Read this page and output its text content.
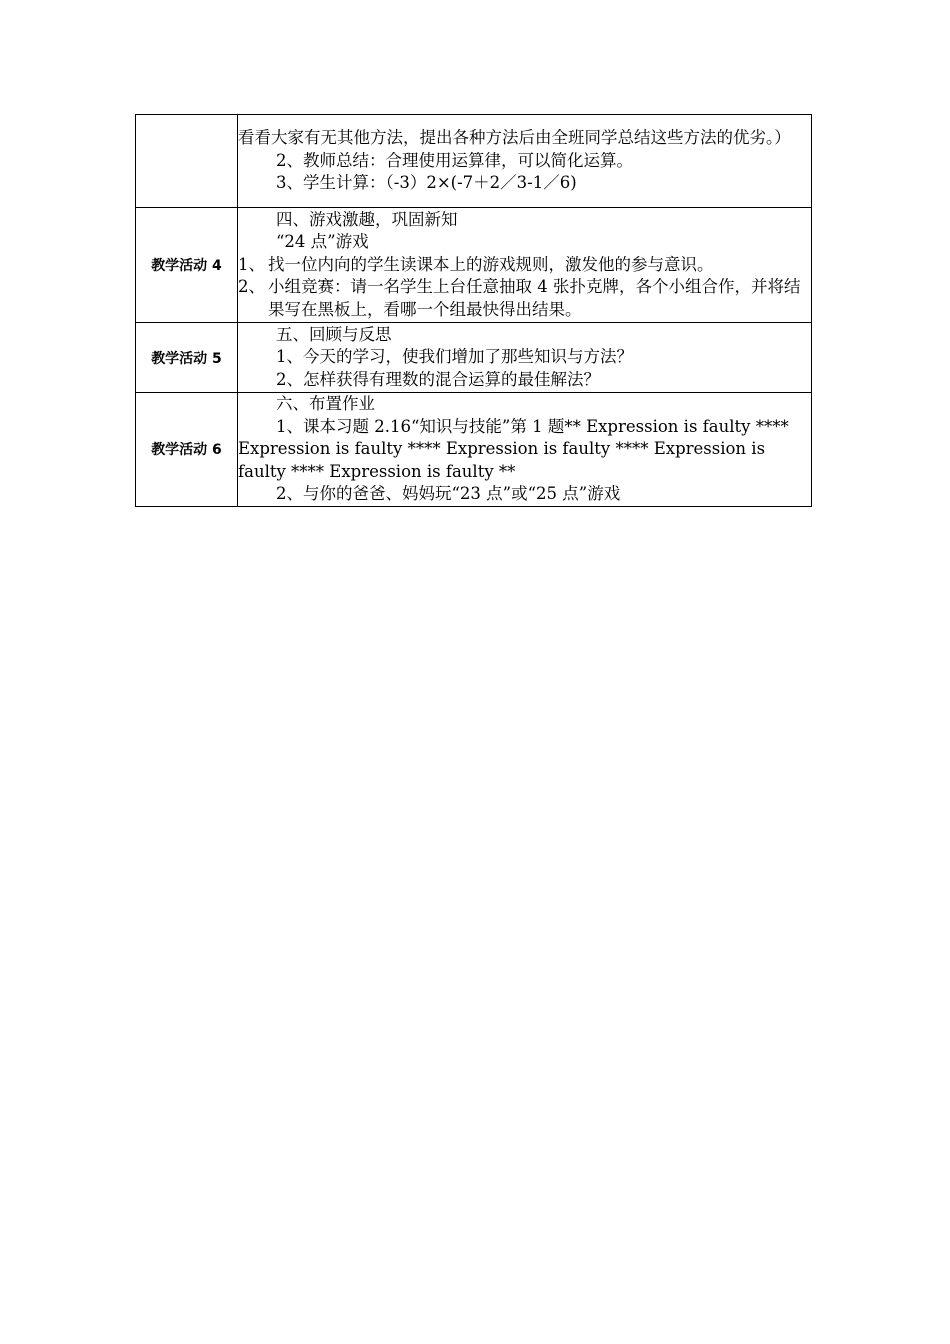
	看看大家有无其他方法，提出各种方法后由全班同学总结这些方法的优劣。）
2、教师总结：合理使用运算律，可以简化运算。
3、学生计算：（-3）2×(-7＋2／3-1／6)

教学活动 4	四、游戏激趣，巩固新知
“24 点”游戏
1、 找一位内向的学生读课本上的游戏规则，激发他的参与意识。
2、 小组竞赛：请一名学生上台任意抽取 4 张扑克牌，各个小组合作，并将结果写在黑板上，看哪一个组最快得出结果。

教学活动 5	五、回顾与反思
1、今天的学习，使我们增加了那些知识与方法？
2、怎样获得有理数的混合运算的最佳解法？

教学活动 6	六、布置作业
1、课本习题 2.16“知识与技能”第 1 题** Expression is faulty **** Expression is faulty **** Expression is faulty **** Expression is faulty **** Expression is faulty **
2、与你的爸爸、妈妈玩“23 点”或“25 点”游戏
